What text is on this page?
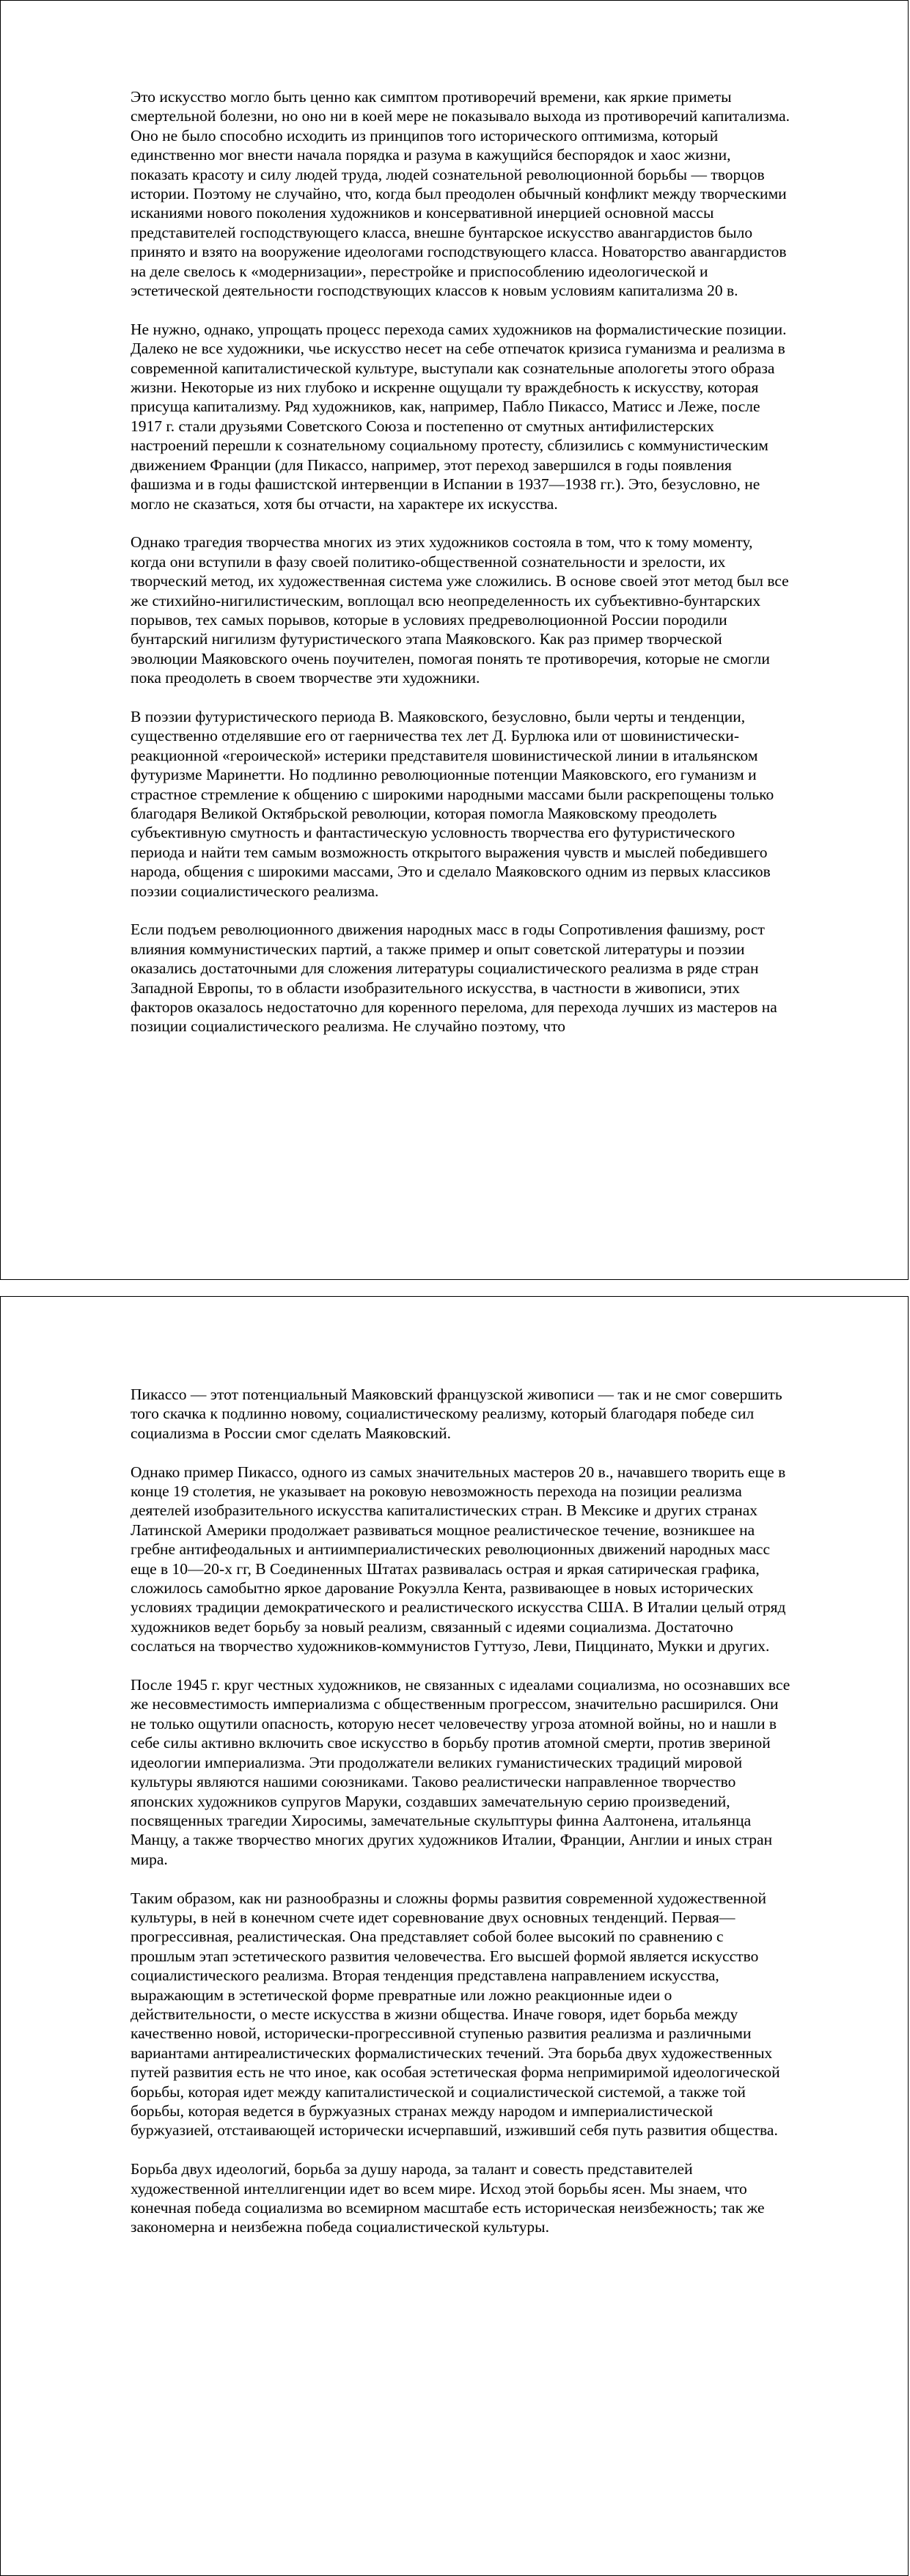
Это искусство могло быть ценно как симптом противоречий времени, как яркие приметы смертельной болезни, но оно ни в коей мере не показывало выхода из противоречий капитализма. Оно не было способно исходить из принципов того исторического оптимизма, который единственно мог внести начала порядка и разума в кажущийся беспорядок и хаос жизни, показать красоту и силу людей труда, людей сознательной революционной борьбы — творцов истории. Поэтому не случайно, что, когда был преодолен обычный конфликт между творческими исканиями нового поколения художников и консервативной инерцией основной массы представителей господствующего класса, внешне бунтарское искусство авангардистов было принято и взято на вооружение идеологами господствующего класса. Новаторство авангардистов на деле свелось к «модернизации», перестройке и приспособлению идеологической и эстетической деятельности господствующих классов к новым условиям капитализма 20 в.

Не нужно, однако, упрощать процесс перехода самих художников на формалистические позиции. Далеко не все художники, чье искусство несет на себе отпечаток кризиса гуманизма и реализма в современной капиталистической культуре, выступали как сознательные апологеты этого образа жизни. Некоторые из них глубоко и искренне ощущали ту враждебность к искусству, которая присуща капитализму. Ряд художников, как, например, Пабло Пикассо, Матисс и Леже, после 1917 г. стали друзьями Советского Союза и постепенно от смутных антифилистерских настроений перешли к сознательному социальному протесту, сблизились с коммунистическим движением Франции (для Пикассо, например, этот переход завершился в годы появления фашизма и в годы фашистской интервенции в Испании в 1937—1938 гг.). Это, безусловно, не могло не сказаться, хотя бы отчасти, на характере их искусства.

Однако трагедия творчества многих из этих художников состояла в том, что к тому моменту, когда они вступили в фазу своей политико-общественной сознательности и зрелости, их творческий метод, их художественная система уже сложились. В основе своей этот метод был все же стихийно-нигилистическим, воплощал всю неопределенность их субъективно-бунтарских порывов, тех самых порывов, которые в условиях предреволюционной России породили бунтарский нигилизм футуристического этапа Маяковского. Как раз пример творческой эволюции Маяковского очень поучителен, помогая понять те противоречия, которые не смогли пока преодолеть в своем творчестве эти художники.

В поэзии футуристического периода В. Маяковского, безусловно, были черты и тенденции, существенно отделявшие его от гаерничества тех лет Д. Бурлюка или от шовинистически-реакционной «героической» истерики представителя шовинистической линии в итальянском футуризме Маринетти. Но подлинно революционные потенции Маяковского, его гуманизм и страстное стремление к общению с широкими народными массами были раскрепощены только благодаря Великой Октябрьской революции, которая помогла Маяковскому преодолеть субъективную смутность и фантастическую условность творчества его футуристического периода и найти тем самым возможность открытого выражения чувств и мыслей победившего народа, общения с широкими массами, Это и сделало Маяковского одним из первых классиков поэзии социалистического реализма.

Если подъем революционного движения народных масс в годы Сопротивления фашизму, рост влияния коммунистических партий, а также пример и опыт советской литературы и поэзии оказались достаточными для сложения литературы социалистического реализма в ряде стран Западной Европы, то в области изобразительного искусства, в частности в живописи, этих факторов оказалось недостаточно для коренного перелома, для перехода лучших из мастеров на позиции социалистического реализма. Не случайно поэтому, что

Пикассо — этот потенциальный Маяковский французской живописи — так и не смог совершить того скачка к подлинно новому, социалистическому реализму, который благодаря победе сил социализма в России смог сделать Маяковский.

Однако пример Пикассо, одного из самых значительных мастеров 20 в., начавшего творить еще в конце 19 столетия, не указывает на роковую невозможность перехода на позиции реализма деятелей изобразительного искусства капиталистических стран. В Мексике и других странах Латинской Америки продолжает развиваться мощное реалистическое течение, возникшее на гребне антифеодальных и антиимпериалистических революционных движений народных масс еще в 10—20-х гг, В Соединенных Штатах развивалась острая и яркая сатирическая графика, сложилось самобытно яркое дарование Рокуэлла Кента, развивающее в новых исторических условиях традиции демократического и реалистического искусства США. В Италии целый отряд художников ведет борьбу за новый реализм, связанный с идеями социализма. Достаточно сослаться на творчество художников-коммунистов Гуттузо, Леви, Пиццинато, Мукки и других.

После 1945 г. круг честных художников, не связанных с идеалами социализма, но осознавших все же несовместимость империализма с общественным прогрессом, значительно расширился. Они не только ощутили опасность, которую несет человечеству угроза атомной войны, но и нашли в себе силы активно включить свое искусство в борьбу против атомной смерти, против звериной идеологии империализма. Эти продолжатели великих гуманистических традиций мировой культуры являются нашими союзниками. Таково реалистически направленное творчество японских художников супругов Маруки, создавших замечательную серию произведений, посвященных трагедии Хиросимы, замечательные скульптуры финна Аалтонена, итальянца Манцу, а также творчество многих других художников Италии, Франции, Англии и иных стран мира.

Таким образом, как ни разнообразны и сложны формы развития современной художественной культуры, в ней в конечном счете идет соревнование двух основных тенденций. Первая— прогрессивная, реалистическая. Она представляет собой более высокий по сравнению с прошлым этап эстетического развития человечества. Его высшей формой является искусство социалистического реализма. Вторая тенденция представлена направлением искусства, выражающим в эстетической форме превратные или ложно реакционные идеи о действительности, о месте искусства в жизни общества. Иначе говоря, идет борьба между качественно новой, исторически-прогрессивной ступенью развития реализма и различными вариантами антиреалистических формалистических течений. Эта борьба двух художественных путей развития есть не что иное, как особая эстетическая форма непримиримой идеологической борьбы, которая идет между капиталистической и социалистической системой, а также той борьбы, которая ведется в буржуазных странах между народом и империалистической буржуазией, отстаивающей исторически исчерпавший, изживший себя путь развития общества.

Борьба двух идеологий, борьба за душу народа, за талант и совесть представителей художественной интеллигенции идет во всем мире. Исход этой борьбы ясен. Мы знаем, что конечная победа социализма во всемирном масштабе есть историческая неизбежность; так же закономерна и неизбежна победа социалистической культуры.
